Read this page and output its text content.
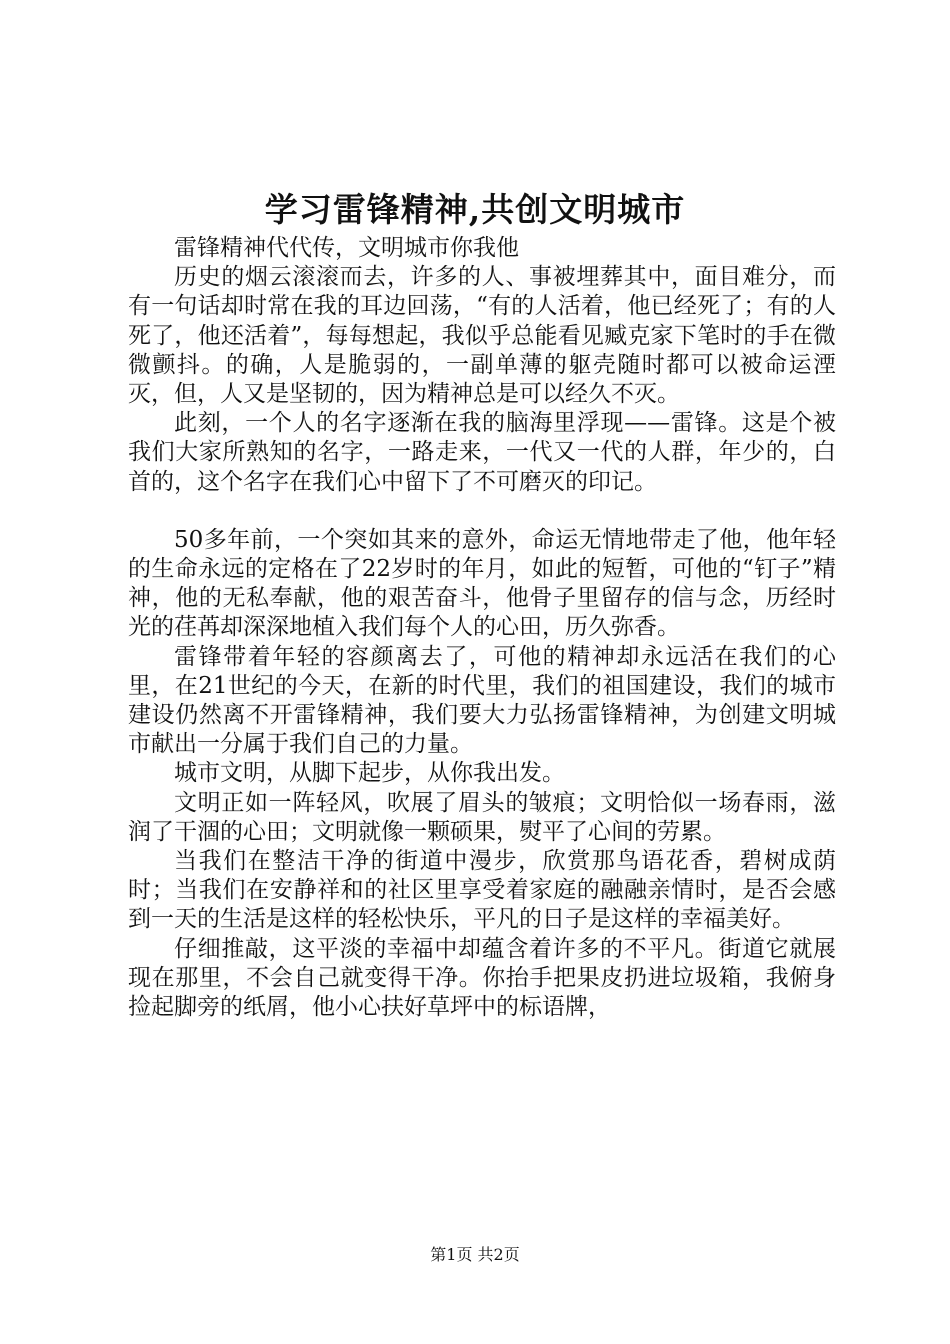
学习雷锋精神,共创文明城市

雷锋精神代代传，文明城市你我他

历史的烟云滚滚而去，许多的人、事被埋葬其中，面目难分，而有一句话却时常在我的耳边回荡，“有的人活着，他已经死了；有的人死了，他还活着”，每每想起，我似乎总能看见臧克家下笔时的手在微微颤抖。的确，人是脆弱的，一副单薄的躯壳随时都可以被命运湮灭，但，人又是坚韧的，因为精神总是可以经久不灭。

此刻，一个人的名字逐渐在我的脑海里浮现——雷锋。这是个被我们大家所熟知的名字，一路走来，一代又一代的人群，年少的，白首的，这个名字在我们心中留下了不可磨灭的印记。

50多年前，一个突如其来的意外，命运无情地带走了他，他年轻的生命永远的定格在了22岁时的年月，如此的短暂，可他的“钉子”精神，他的无私奉献，他的艰苦奋斗，他骨子里留存的信与念，历经时光的荏苒却深深地植入我们每个人的心田，历久弥香。

雷锋带着年轻的容颜离去了，可他的精神却永远活在我们的心里，在21世纪的今天，在新的时代里，我们的祖国建设，我们的城市建设仍然离不开雷锋精神，我们要大力弘扬雷锋精神，为创建文明城市献出一分属于我们自己的力量。

城市文明，从脚下起步，从你我出发。

文明正如一阵轻风，吹展了眉头的皱痕；文明恰似一场春雨，滋润了干涸的心田；文明就像一颗硕果，熨平了心间的劳累。

当我们在整洁干净的街道中漫步，欣赏那鸟语花香，碧树成荫时；当我们在安静祥和的社区里享受着家庭的融融亲情时，是否会感到一天的生活是这样的轻松快乐，平凡的日子是这样的幸福美好。

仔细推敲，这平淡的幸福中却蕴含着许多的不平凡。街道它就展现在那里，不会自己就变得干净。你抬手把果皮扔进垃圾箱，我俯身捡起脚旁的纸屑，他小心扶好草坪中的标语牌，

第1页 共2页
